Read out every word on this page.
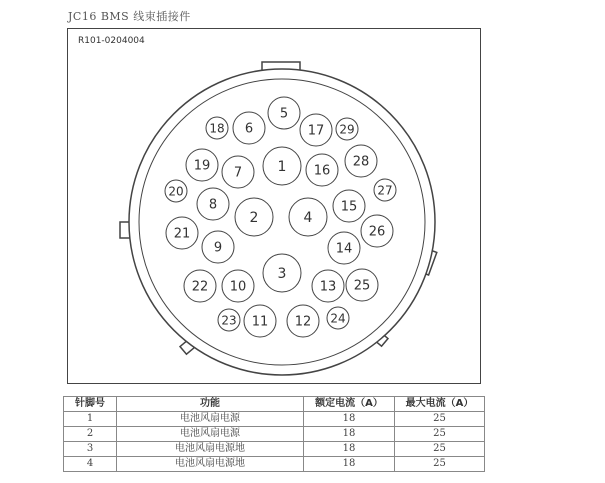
JC16 BMS 线束插接件
R101-0204004
5
18 6	17 29
19 7	1 16
28
20	27
8	15
2	4
21	26
9	14
3
22 10	13 25
23 11 12 24
针脚号	功能	额定电流（A）	最大电流（A）
1	电池风扇电源	18	25
2	电池风扇电源	18	25
3	电池风扇电源地	18	25
4	电池风扇电源地	18	25
